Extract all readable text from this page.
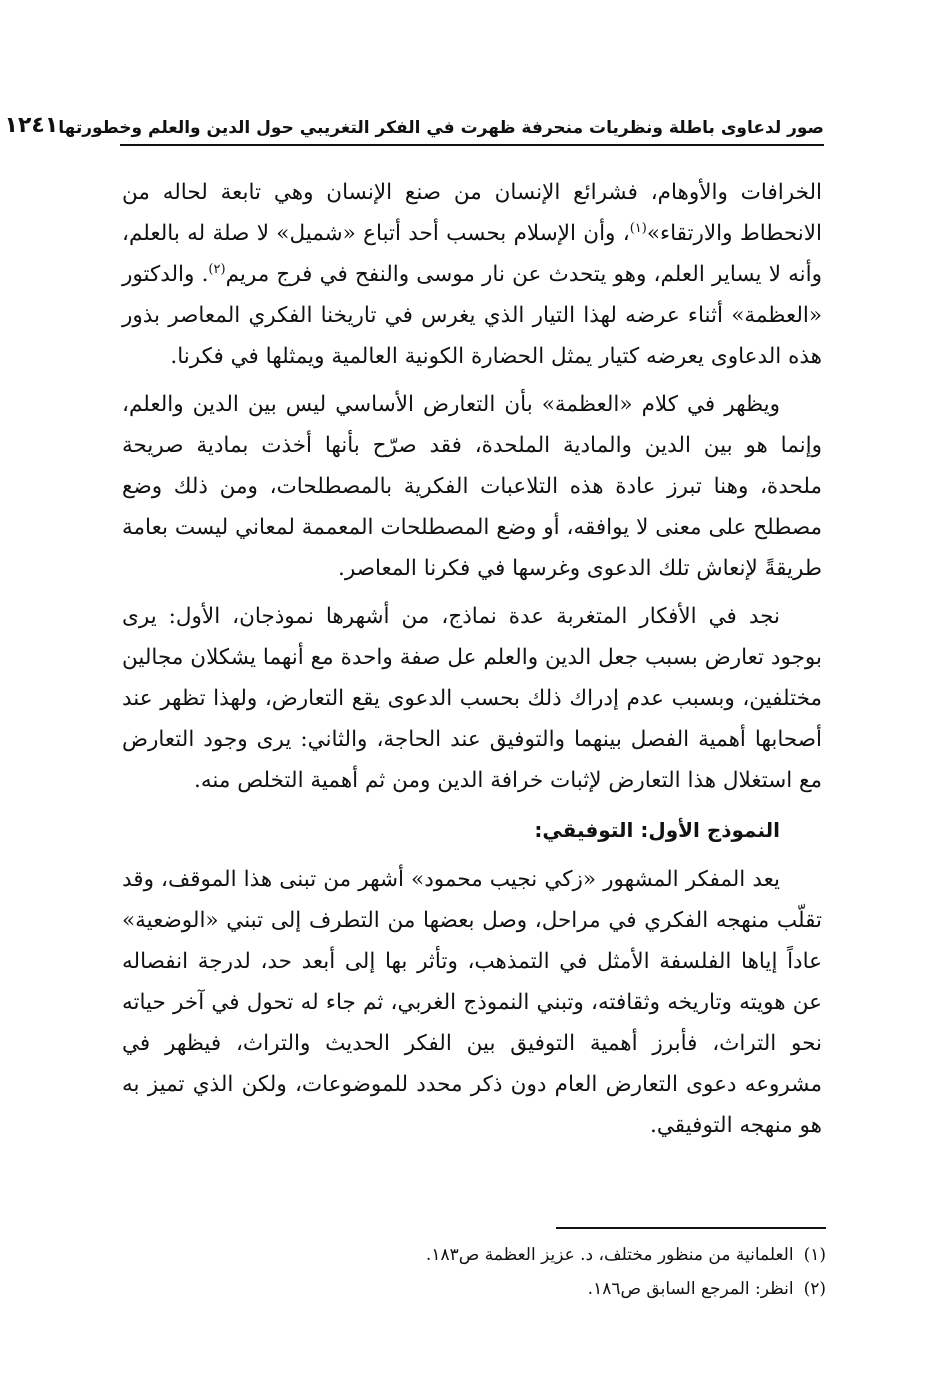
صور لدعاوى باطلة ونظريات منحرفة ظهرت في الفكر التغريبي حول الدين والعلم وخطورتها
١٢٤١

الخرافات والأوهام، فشرائع الإنسان من صنع الإنسان وهي تابعة لحاله من الانحطاط والارتقاء»$^{(١)}$، وأن الإسلام بحسب أحد أتباع «شميل» لا صلة له بالعلم، وأنه لا يساير العلم، وهو يتحدث عن نار موسى والنفح في فرج مريم$^{(٢)}$. والدكتور «العظمة» أثناء عرضه لهذا التيار الذي يغرس في تاريخنا الفكري المعاصر بذور هذه الدعاوى يعرضه كتيار يمثل الحضارة الكونية العالمية ويمثلها في فكرنا.

ويظهر في كلام «العظمة» بأن التعارض الأساسي ليس بين الدين والعلم، وإنما هو بين الدين والمادية الملحدة، فقد صرّح بأنها أخذت بمادية صريحة ملحدة، وهنا تبرز عادة هذه التلاعبات الفكرية بالمصطلحات، ومن ذلك وضع مصطلح على معنى لا يوافقه، أو وضع المصطلحات المعممة لمعاني ليست بعامة طريقةً لإنعاش تلك الدعوى وغرسها في فكرنا المعاصر.

نجد في الأفكار المتغربة عدة نماذج، من أشهرها نموذجان، الأول: يرى بوجود تعارض بسبب جعل الدين والعلم عل صفة واحدة مع أنهما يشكلان مجالين مختلفين، وبسبب عدم إدراك ذلك بحسب الدعوى يقع التعارض، ولهذا تظهر عند أصحابها أهمية الفصل بينهما والتوفيق عند الحاجة، والثاني: يرى وجود التعارض مع استغلال هذا التعارض لإثبات خرافة الدين ومن ثم أهمية التخلص منه.

النموذج الأول: التوفيقي:

يعد المفكر المشهور «زكي نجيب محمود» أشهر من تبنى هذا الموقف، وقد تقلّب منهجه الفكري في مراحل، وصل بعضها من التطرف إلى تبني «الوضعية» عاداً إياها الفلسفة الأمثل في التمذهب، وتأثر بها إلى أبعد حد، لدرجة انفصاله عن هويته وتاريخه وثقافته، وتبني النموذج الغربي، ثم جاء له تحول في آخر حياته نحو التراث، فأبرز أهمية التوفيق بين الفكر الحديث والتراث، فيظهر في مشروعه دعوى التعارض العام دون ذكر محدد للموضوعات، ولكن الذي تميز به هو منهجه التوفيقي.

(١)
العلمانية من منظور مختلف، د. عزيز العظمة ص١٨٣.
(٢)
انظر: المرجع السابق ص١٨٦.
